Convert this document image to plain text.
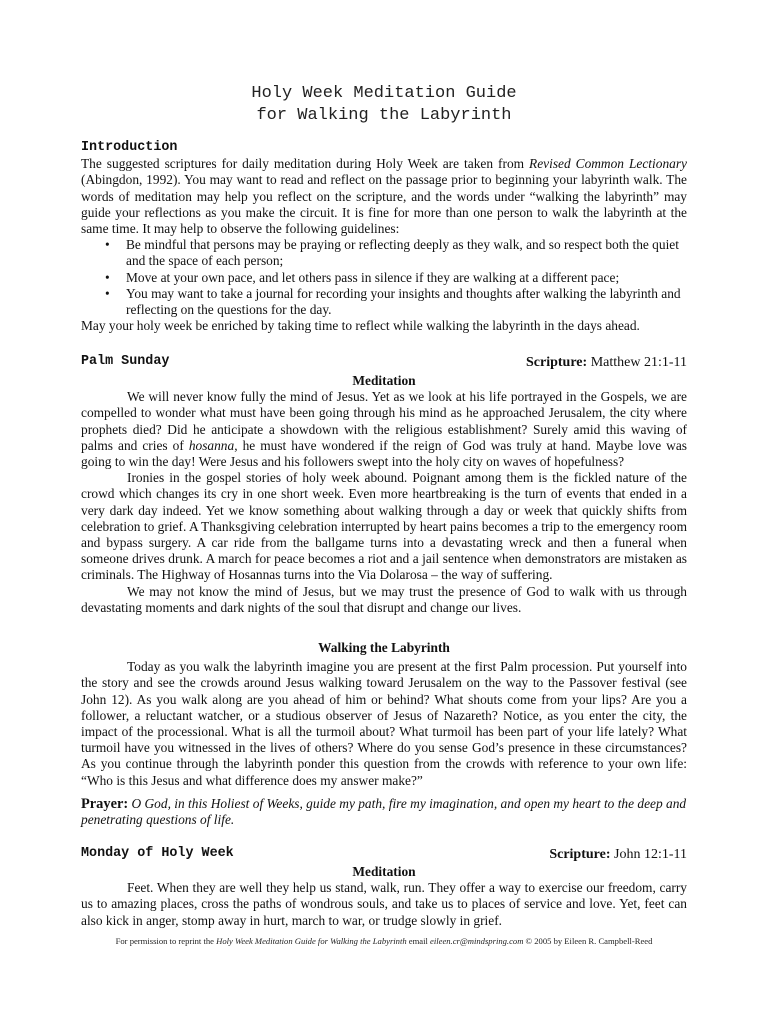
Holy Week Meditation Guide
for Walking the Labyrinth
Introduction

The suggested scriptures for daily meditation during Holy Week are taken from Revised Common Lectionary (Abingdon, 1992). You may want to read and reflect on the passage prior to beginning your labyrinth walk. The words of meditation may help you reflect on the scripture, and the words under “walking the labyrinth” may guide your reflections as you make the circuit. It is fine for more than one person to walk the labyrinth at the same time. It may help to observe the following guidelines:

• Be mindful that persons may be praying or reflecting deeply as they walk, and so respect both the quiet and the space of each person;
• Move at your own pace, and let others pass in silence if they are walking at a different pace;
• You may want to take a journal for recording your insights and thoughts after walking the labyrinth and reflecting on the questions for the day.

May your holy week be enriched by taking time to reflect while walking the labyrinth in the days ahead.

Palm Sunday	Scripture: Matthew 21:1-11
Meditation

We will never know fully the mind of Jesus. Yet as we look at his life portrayed in the Gospels, we are compelled to wonder what must have been going through his mind as he approached Jerusalem, the city where prophets died? Did he anticipate a showdown with the religious establishment? Surely amid this waving of palms and cries of hosanna, he must have wondered if the reign of God was truly at hand. Maybe love was going to win the day! Were Jesus and his followers swept into the holy city on waves of hopefulness?

Ironies in the gospel stories of holy week abound. Poignant among them is the fickled nature of the crowd which changes its cry in one short week. Even more heartbreaking is the turn of events that ended in a very dark day indeed. Yet we know something about walking through a day or week that quickly shifts from celebration to grief. A Thanksgiving celebration interrupted by heart pains becomes a trip to the emergency room and bypass surgery. A car ride from the ballgame turns into a devastating wreck and then a funeral when someone drives drunk. A march for peace becomes a riot and a jail sentence when demonstrators are mistaken as criminals. The Highway of Hosannas turns into the Via Dolarosa – the way of suffering.

We may not know the mind of Jesus, but we may trust the presence of God to walk with us through devastating moments and dark nights of the soul that disrupt and change our lives.

Walking the Labyrinth

Today as you walk the labyrinth imagine you are present at the first Palm procession. Put yourself into the story and see the crowds around Jesus walking toward Jerusalem on the way to the Passover festival (see John 12). As you walk along are you ahead of him or behind? What shouts come from your lips? Are you a follower, a reluctant watcher, or a studious observer of Jesus of Nazareth? Notice, as you enter the city, the impact of the processional. What is all the turmoil about? What turmoil has been part of your life lately? What turmoil have you witnessed in the lives of others? Where do you sense God’s presence in these circumstances? As you continue through the labyrinth ponder this question from the crowds with reference to your own life: “Who is this Jesus and what difference does my answer make?”

Prayer: O God, in this Holiest of Weeks, guide my path, fire my imagination, and open my heart to the deep and penetrating questions of life.

Monday of Holy Week	Scripture: John 12:1-11
Meditation

Feet. When they are well they help us stand, walk, run. They offer a way to exercise our freedom, carry us to amazing places, cross the paths of wondrous souls, and take us to places of service and love. Yet, feet can also kick in anger, stomp away in hurt, march to war, or trudge slowly in grief.

For permission to reprint the Holy Week Meditation Guide for Walking the Labyrinth email eileen.cr@mindspring.com © 2005 by Eileen R. Campbell-Reed
